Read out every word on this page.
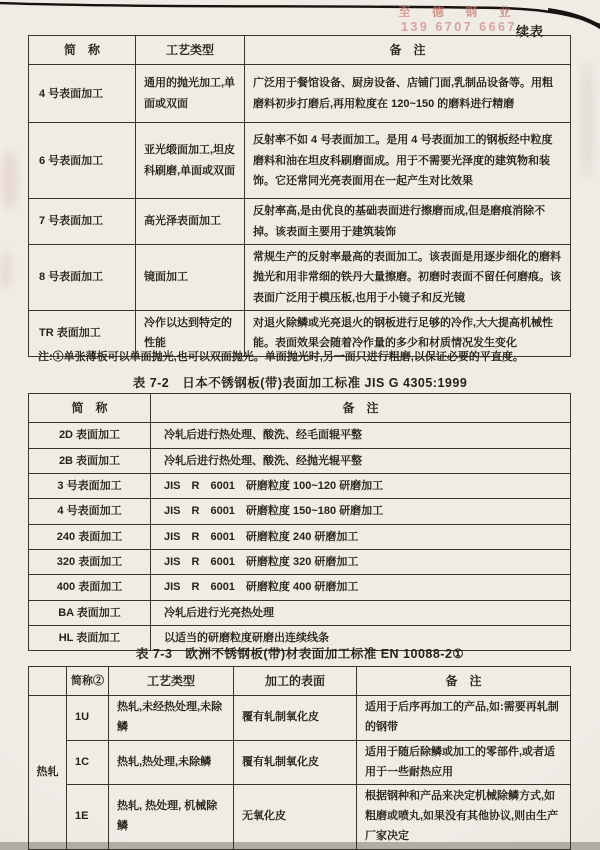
至 德 钢 业
139 6707 6667 续表
简　称	工艺类型	备　注
4 号表面加工	通用的抛光加工,单面或双面	广泛用于餐馆设备、厨房设备、店铺门面,乳制品设备等。用粗磨料初步打磨后,再用粒度在 120~150 的磨料进行精磨
6 号表面加工	亚光缎面加工,坦皮科刷磨,单面或双面	反射率不如 4 号表面加工。是用 4 号表面加工的钢板经中粒度磨料和油在坦皮科刷磨面成。用于不需要光泽度的建筑物和装饰。它还常同光亮表面用在一起产生对比效果
7 号表面加工	高光泽表面加工	反射率高,是由优良的基础表面进行擦磨而成,但是磨痕消除不掉。该表面主要用于建筑装饰
8 号表面加工	镜面加工	常规生产的反射率最高的表面加工。该表面是用逐步细化的磨料抛光和用非常细的铁丹大量擦磨。初磨时表面不留任何磨痕。该表面广泛用于模压板,也用于小镜子和反光镜
TR 表面加工	冷作以达到特定的性能	对退火除鳞或光亮退火的钢板进行足够的冷作,大大提高机械性能。表面效果会随着冷作量的多少和材质情况发生变化
注:①单张薄板可以单面抛光,也可以双面抛光。单面抛光时,另一面只进行粗磨,以保证必要的平直度。
表 7-2　日本不锈钢板(带)表面加工标准 JIS G 4305:1999
简　称	备　注
2D 表面加工	冷轧后进行热处理、酸洗、经毛面辊平整
2B 表面加工	冷轧后进行热处理、酸洗、经抛光辊平整
3 号表面加工	JIS　R　6001　研磨粒度 100~120 研磨加工
4 号表面加工	JIS　R　6001　研磨粒度 150~180 研磨加工
240 表面加工	JIS　R　6001　研磨粒度 240 研磨加工
320 表面加工	JIS　R　6001　研磨粒度 320 研磨加工
400 表面加工	JIS　R　6001　研磨粒度 400 研磨加工
BA 表面加工	冷轧后进行光亮热处理
HL 表面加工	以适当的研磨粒度研磨出连续线条
表 7-3　欧洲不锈钢板(带)材表面加工标准 EN 10088-2①
	简称②	工艺类型	加工的表面	备　注
热轧	1U	热轧,未经热处理,未除鳞	覆有轧制氧化皮	适用于后序再加工的产品,如:需要再轧制的钢带
	1C	热轧,热处理,未除鳞	覆有轧制氧化皮	适用于随后除鳞或加工的零部件,或者适用于一些耐热应用
	1E	热轧, 热处理, 机械除鳞	无氧化皮	根据钢种和产品来决定机械除鳞方式,如粗磨或喷丸,如果没有其他协议,则由生产厂家决定
